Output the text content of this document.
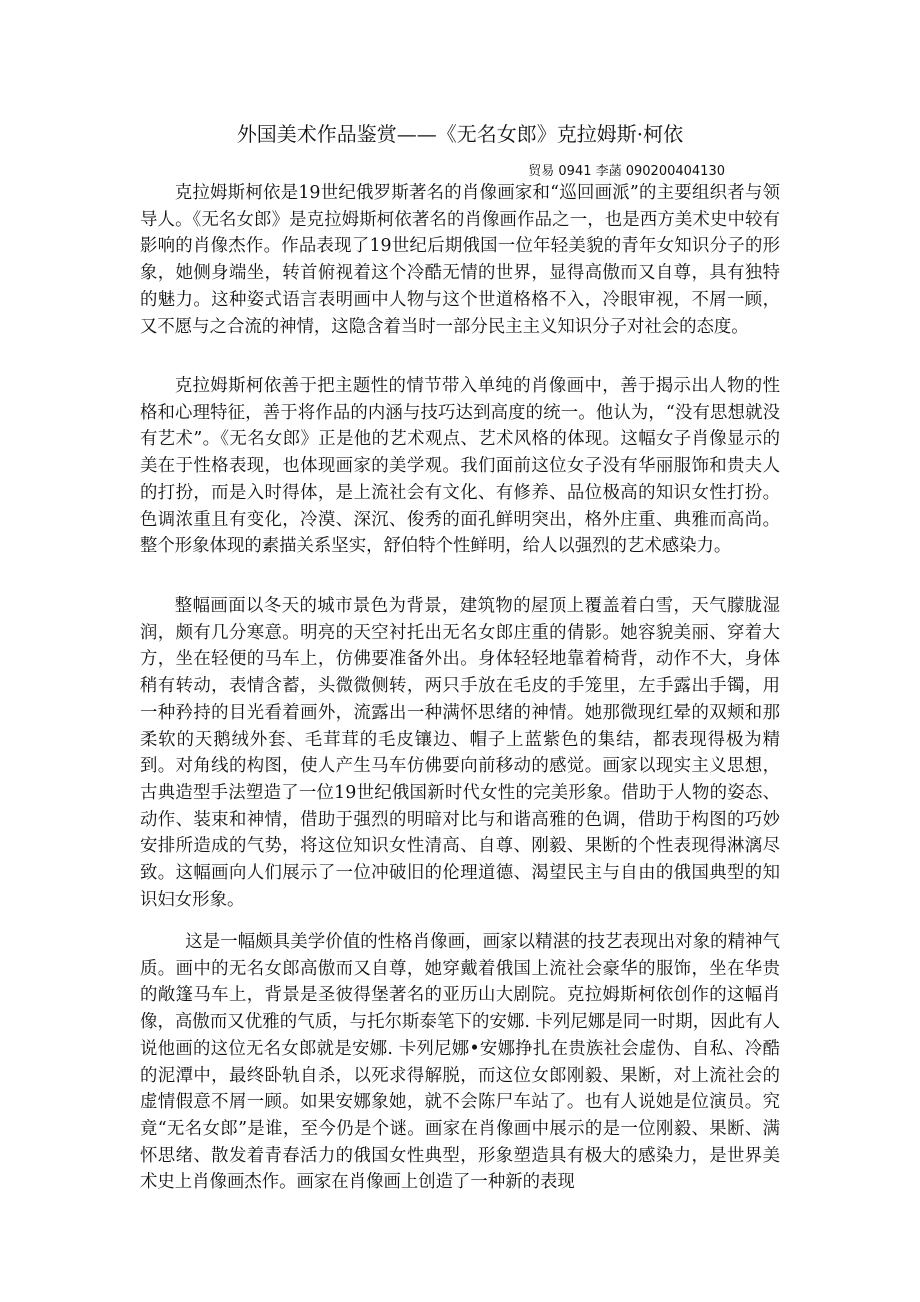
外国美术作品鉴赏——《无名女郎》克拉姆斯·柯依
贸易 0941 李菡 090200404130

克拉姆斯柯依是19世纪俄罗斯著名的肖像画家和“巡回画派”的主要组织者与领导人。《无名女郎》是克拉姆斯柯依著名的肖像画作品之一，也是西方美术史中较有影响的肖像杰作。作品表现了19世纪后期俄国一位年轻美貌的青年女知识分子的形象，她侧身端坐，转首俯视着这个冷酷无情的世界，显得高傲而又自尊，具有独特的魅力。这种姿式语言表明画中人物与这个世道格格不入，冷眼审视，不屑一顾，又不愿与之合流的神情，这隐含着当时一部分民主主义知识分子对社会的态度。

克拉姆斯柯依善于把主题性的情节带入单纯的肖像画中，善于揭示出人物的性格和心理特征，善于将作品的内涵与技巧达到高度的统一。他认为，“没有思想就没有艺术”。《无名女郎》正是他的艺术观点、艺术风格的体现。这幅女子肖像显示的美在于性格表现，也体现画家的美学观。我们面前这位女子没有华丽服饰和贵夫人的打扮，而是入时得体，是上流社会有文化、有修养、品位极高的知识女性打扮。色调浓重且有变化，冷漠、深沉、俊秀的面孔鲜明突出，格外庄重、典雅而高尚。整个形象体现的素描关系坚实，舒伯特个性鲜明，给人以强烈的艺术感染力。

整幅画面以冬天的城市景色为背景，建筑物的屋顶上覆盖着白雪，天气朦胧湿润，颇有几分寒意。明亮的天空衬托出无名女郎庄重的倩影。她容貌美丽、穿着大方，坐在轻便的马车上，仿佛要准备外出。身体轻轻地靠着椅背，动作不大，身体稍有转动，表情含蓄，头微微侧转，两只手放在毛皮的手笼里，左手露出手镯，用一种矜持的目光看着画外，流露出一种满怀思绪的神情。她那微现红晕的双颊和那柔软的天鹅绒外套、毛茸茸的毛皮镶边、帽子上蓝紫色的集结，都表现得极为精到。对角线的构图，使人产生马车仿佛要向前移动的感觉。画家以现实主义思想，古典造型手法塑造了一位19世纪俄国新时代女性的完美形象。借助于人物的姿态、动作、装束和神情，借助于强烈的明暗对比与和谐高雅的色调，借助于构图的巧妙安排所造成的气势，将这位知识女性清高、自尊、刚毅、果断的个性表现得淋漓尽致。这幅画向人们展示了一位冲破旧的伦理道德、渴望民主与自由的俄国典型的知识妇女形象。

这是一幅颇具美学价值的性格肖像画，画家以精湛的技艺表现出对象的精神气质。画中的无名女郎高傲而又自尊，她穿戴着俄国上流社会豪华的服饰，坐在华贵的敞篷马车上，背景是圣彼得堡著名的亚历山大剧院。克拉姆斯柯依创作的这幅肖像，高傲而又优雅的气质，与托尔斯泰笔下的安娜. 卡列尼娜是同一时期，因此有人说他画的这位无名女郎就是安娜. 卡列尼娜•安娜挣扎在贵族社会虚伪、自私、冷酷的泥潭中，最终卧轨自杀，以死求得解脱，而这位女郎刚毅、果断，对上流社会的虚情假意不屑一顾。如果安娜象她，就不会陈尸车站了。也有人说她是位演员。究竟“无名女郎”是谁，至今仍是个谜。画家在肖像画中展示的是一位刚毅、果断、满怀思绪、散发着青春活力的俄国女性典型，形象塑造具有极大的感染力，是世界美术史上肖像画杰作。画家在肖像画上创造了一种新的表现
